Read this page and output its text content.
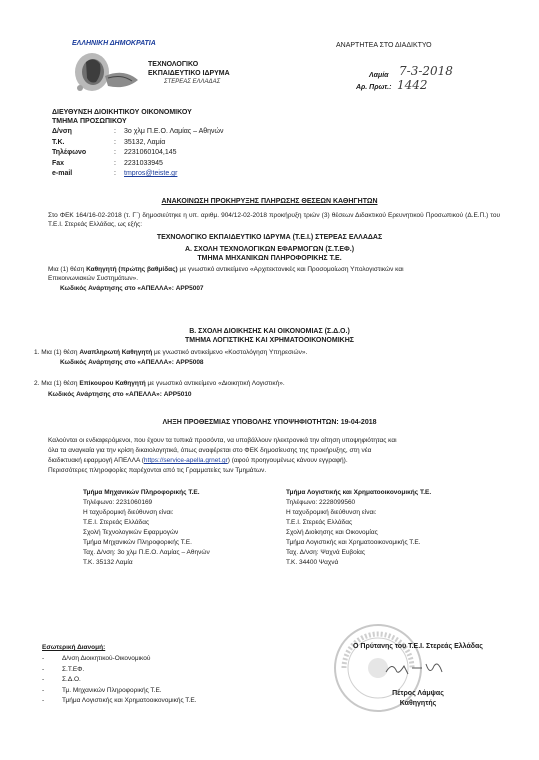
ΕΛΛΗΝΙΚΗ ΔΗΜΟΚΡΑΤΙΑ	ΑΝΑΡΤΗΤΕΑ ΣΤΟ ΔΙΑΔΙΚΤΥΟ
ΤΕΧΝΟΛΟΓΙΚΟ
ΕΚΠΑΙΔΕΥΤΙΚΟ ΙΔΡΥΜΑ
ΣΤΕΡΕΑΣ ΕΛΛΑΔΑΣ
Λαμία 7-3-2018
Αρ. Πρωτ.: 1442
ΔΙΕΥΘΥΝΣΗ ΔΙΟΙΚΗΤΙΚΟΥ ΟΙΚΟΝΟΜΙΚΟΥ
ΤΜΗΜΑ ΠΡΟΣΩΠΙΚΟΥ
Δ/νση	:	3ο χλμ Π.Ε.Ο. Λαμίας – Αθηνών
Τ.Κ.	:	35132, Λαμία
Τηλέφωνο	:	2231060104,145
Fax	:	2231033945
e-mail	:	tmpros@teiste.gr
ΑΝΑΚΟΙΝΩΣΗ ΠΡΟΚΗΡΥΞΗΣ ΠΛΗΡΩΣΗΣ ΘΕΣΕΩΝ ΚΑΘΗΓΗΤΩΝ
Στο ΦΕΚ 164/16-02-2018 (τ. Γ΄) δημοσιεύτηκε η υπ. αριθμ. 904/12-02-2018 προκήρυξη τριών (3) θέσεων Διδακτικού Ερευνητικού Προσωπικού (Δ.Ε.Π.) του Τ.Ε.Ι. Στερεάς Ελλάδας, ως εξής:
ΤΕΧΝΟΛΟΓΙΚΟ ΕΚΠΑΙΔΕΥΤΙΚΟ ΙΔΡΥΜΑ (Τ.Ε.Ι.) ΣΤΕΡΕΑΣ ΕΛΛΑΔΑΣ
Α. ΣΧΟΛΗ ΤΕΧΝΟΛΟΓΙΚΩΝ ΕΦΑΡΜΟΓΩΝ (Σ.Τ.ΕΦ.)
ΤΜΗΜΑ ΜΗΧΑΝΙΚΩΝ ΠΛΗΡΟΦΟΡΙΚΗΣ Τ.Ε.
Μια (1) θέση Καθηγητή (πρώτης βαθμίδας) με γνωστικό αντικείμενο «Αρχιτεκτονικές και Προσομοίωση Υπολογιστικών και
Επικοινωνιακών Συστημάτων».
Κωδικός Ανάρτησης στο «ΑΠΕΛΛΑ»: APP5007
Β. ΣΧΟΛΗ ΔΙΟΙΚΗΣΗΣ ΚΑΙ ΟΙΚΟΝΟΜΙΑΣ (Σ.Δ.Ο.)
ΤΜΗΜΑ ΛΟΓΙΣΤΙΚΗΣ ΚΑΙ ΧΡΗΜΑΤΟΟΙΚΟΝΟΜΙΚΗΣ
1. Μια (1) θέση Αναπληρωτή Καθηγητή με γνωστικό αντικείμενο «Κοστολόγηση Υπηρεσιών».
Κωδικός Ανάρτησης στο «ΑΠΕΛΛΑ»: APP5008
2. Μια (1) θέση Επίκουρου Καθηγητή με γνωστικό αντικείμενο «Διοικητική Λογιστική».
Κωδικός Ανάρτησης στο «ΑΠΕΛΛΑ»: APP5010
ΛΗΞΗ ΠΡΟΘΕΣΜΙΑΣ ΥΠΟΒΟΛΗΣ ΥΠΟΨΗΦΙΟΤΗΤΩΝ: 19-04-2018
Καλούνται οι ενδιαφερόμενοι, που έχουν τα τυπικά προσόντα, να υποβάλλουν ηλεκτρονικά την αίτηση υποψηφιότητας και
όλα τα αναγκαία για την κρίση δικαιολογητικά, όπως αναφέρεται στο ΦΕΚ δημοσίευσης της προκήρυξης, στη νέα
διαδικτυακή εφαρμογή ΑΠΕΛΛΑ (https://service-apella.grnet.gr) (αφού προηγουμένως κάνουν εγγραφή).
Περισσότερες πληροφορίες παρέχονται από τις Γραμματείες των Τμημάτων.
Τμήμα Μηχανικών Πληροφορικής Τ.Ε.
Τηλέφωνο: 2231060169
Η ταχυδρομική διεύθυνση είναι:
Τ.Ε.Ι. Στερεάς Ελλάδας
Σχολή Τεχνολογικών Εφαρμογών
Τμήμα Μηχανικών Πληροφορικής Τ.Ε.
Ταχ. Δ/νση: 3ο χλμ Π.Ε.Ο. Λαμίας – Αθηνών
Τ.Κ. 35132 Λαμία
Τμήμα Λογιστικής και Χρηματοοικονομικής Τ.Ε.
Τηλέφωνο: 2228099560
Η ταχυδρομική διεύθυνση είναι:
Τ.Ε.Ι. Στερεάς Ελλάδας
Σχολή Διοίκησης και Οικονομίας
Τμήμα Λογιστικής και Χρηματοοικονομικής Τ.Ε.
Ταχ. Δ/νση: Ψαχνά Ευβοίας
Τ.Κ. 34400 Ψαχνά
Εσωτερική Διανομή:
-	Δ/νση Διοικητικού-Οικονομικού
-	Σ.Τ.ΕΦ.
-	Σ.Δ.Ο.
-	Τμ. Μηχανικών Πληροφορικής Τ.Ε.
-	Τμήμα Λογιστικής και Χρηματοοικονομικής Τ.Ε.
Ο Πρύτανης του Τ.Ε.Ι. Στερεάς Ελλάδας
Πέτρος Λάμψας
Καθηγητής
